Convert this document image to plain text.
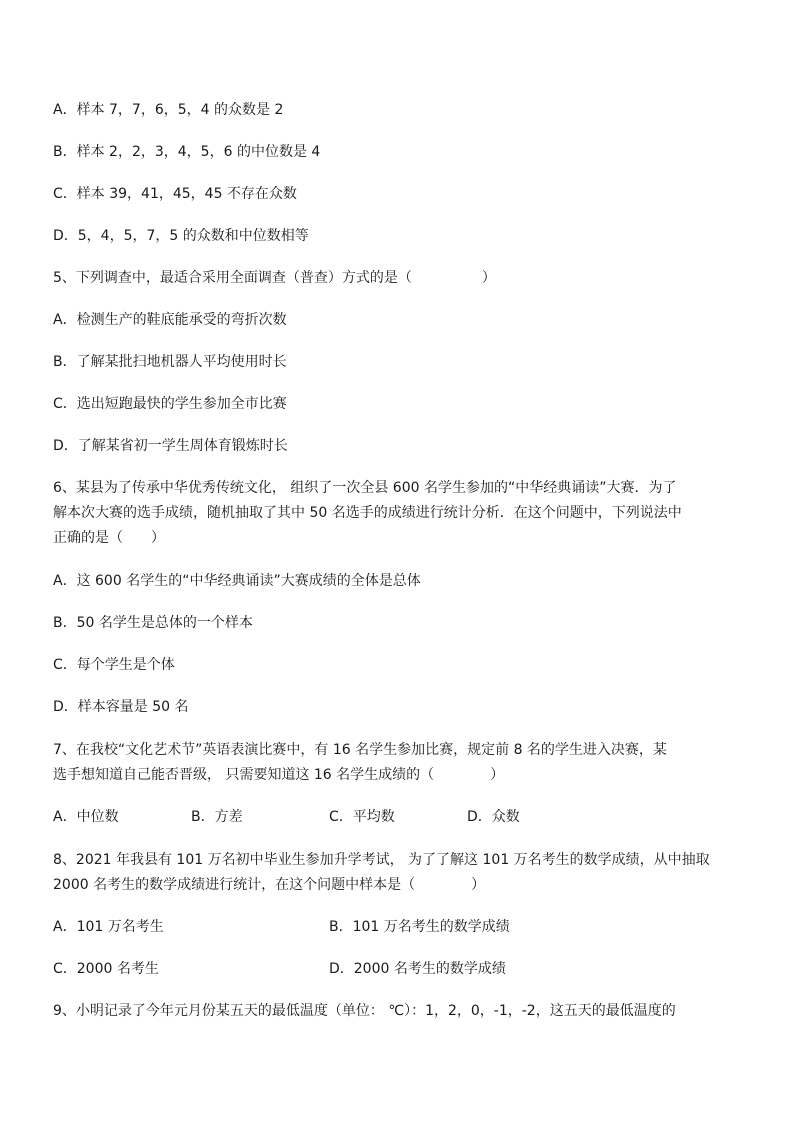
A．样本 7，7，6，5，4 的众数是 2
B．样本 2，2，3，4，5，6 的中位数是 4
C．样本 39，41，45，45 不存在众数
D．5，4，5，7，5 的众数和中位数相等
5、下列调查中，最适合采用全面调查（普查）方式的是（　　　　　）
A．检测生产的鞋底能承受的弯折次数
B．了解某批扫地机器人平均使用时长
C．选出短跑最快的学生参加全市比赛
D．了解某省初一学生周体育锻炼时长
6、某县为了传承中华优秀传统文化， 组织了一次全县 600 名学生参加的“中华经典诵读”大赛．为了
解本次大赛的选手成绩，随机抽取了其中 50 名选手的成绩进行统计分析．在这个问题中，下列说法中
正确的是（　　）
A．这 600 名学生的“中华经典诵读”大赛成绩的全体是总体
B．50 名学生是总体的一个样本
C．每个学生是个体
D．样本容量是 50 名
7、在我校“文化艺术节”英语表演比赛中，有 16 名学生参加比赛，规定前 8 名的学生进入决赛，某
选手想知道自己能否晋级， 只需要知道这 16 名学生成绩的（　　　　）
A．中位数	B．方差	C．平均数	D．众数
8、2021 年我县有 101 万名初中毕业生参加升学考试， 为了了解这 101 万名考生的数学成绩，从中抽取
2000 名考生的数学成绩进行统计，在这个问题中样本是（　　　　）
A．101 万名考生	B．101 万名考生的数学成绩
C．2000 名考生	D．2000 名考生的数学成绩
9、小明记录了今年元月份某五天的最低温度（单位： ℃）：1，2，0，-1，-2，这五天的最低温度的
